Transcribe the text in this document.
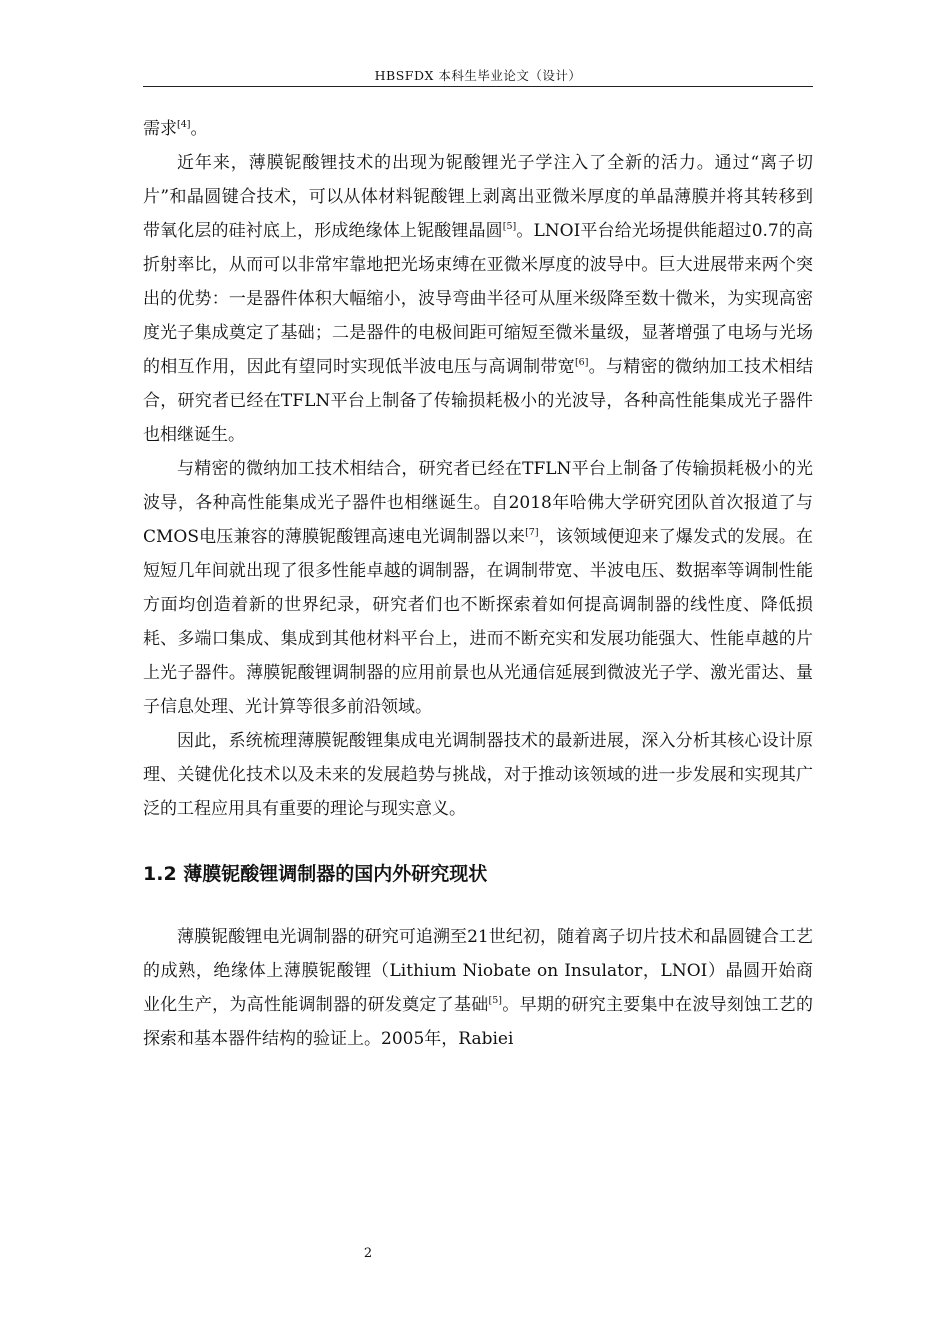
HBSFDX 本科生毕业论文（设计）

需求[4]。

近年来，薄膜铌酸锂技术的出现为铌酸锂光子学注入了全新的活力。通过“离子切片”和晶圆键合技术，可以从体材料铌酸锂上剥离出亚微米厚度的单晶薄膜并将其转移到带氧化层的硅衬底上，形成绝缘体上铌酸锂晶圆[5]。LNOI平台给光场提供能超过0.7的高折射率比，从而可以非常牢靠地把光场束缚在亚微米厚度的波导中。巨大进展带来两个突出的优势：一是器件体积大幅缩小，波导弯曲半径可从厘米级降至数十微米，为实现高密度光子集成奠定了基础；二是器件的电极间距可缩短至微米量级，显著增强了电场与光场的相互作用，因此有望同时实现低半波电压与高调制带宽[6]。与精密的微纳加工技术相结合，研究者已经在TFLN平台上制备了传输损耗极小的光波导，各种高性能集成光子器件也相继诞生。

与精密的微纳加工技术相结合，研究者已经在TFLN平台上制备了传输损耗极小的光波导，各种高性能集成光子器件也相继诞生。自2018年哈佛大学研究团队首次报道了与CMOS电压兼容的薄膜铌酸锂高速电光调制器以来[7]，该领域便迎来了爆发式的发展。在短短几年间就出现了很多性能卓越的调制器，在调制带宽、半波电压、数据率等调制性能方面均创造着新的世界纪录，研究者们也不断探索着如何提高调制器的线性度、降低损耗、多端口集成、集成到其他材料平台上，进而不断充实和发展功能强大、性能卓越的片上光子器件。薄膜铌酸锂调制器的应用前景也从光通信延展到微波光子学、激光雷达、量子信息处理、光计算等很多前沿领域。

因此，系统梳理薄膜铌酸锂集成电光调制器技术的最新进展，深入分析其核心设计原理、关键优化技术以及未来的发展趋势与挑战，对于推动该领域的进一步发展和实现其广泛的工程应用具有重要的理论与现实意义。

1.2 薄膜铌酸锂调制器的国内外研究现状

薄膜铌酸锂电光调制器的研究可追溯至21世纪初，随着离子切片技术和晶圆键合工艺的成熟，绝缘体上薄膜铌酸锂（Lithium Niobate on Insulator，LNOI）晶圆开始商业化生产，为高性能调制器的研发奠定了基础[5]。早期的研究主要集中在波导刻蚀工艺的探索和基本器件结构的验证上。2005年，Rabiei

2
